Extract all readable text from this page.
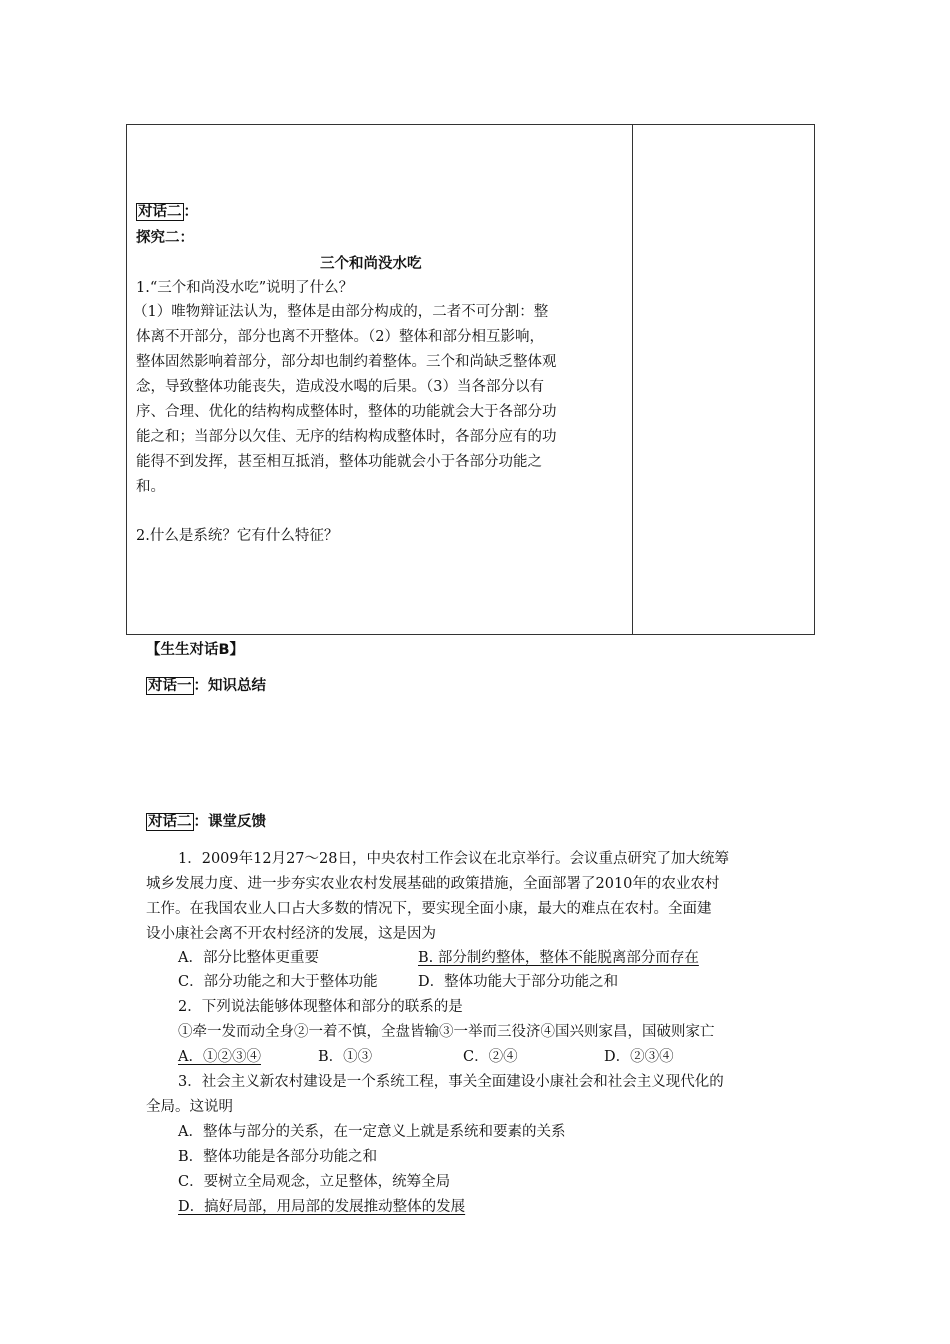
对话二 ：
探究二：
三个和尚没水吃
1.“三个和尚没水吃”说明了什么？
（1）唯物辩证法认为，整体是由部分构成的，二者不可分割：整
体离不开部分，部分也离不开整体。（2）整体和部分相互影响，
整体固然影响着部分，部分却也制约着整体。三个和尚缺乏整体观
念，导致整体功能丧失，造成没水喝的后果。（3）当各部分以有
序、合理、优化的结构构成整体时，整体的功能就会大于各部分功
能之和；当部分以欠佳、无序的结构构成整体时，各部分应有的功
能得不到发挥，甚至相互抵消，整体功能就会小于各部分功能之
和。
2.什么是系统？它有什么特征？
【生生对话B】
对话一 ：知识总结
对话二 ：课堂反馈
1．2009年12月27～28日，中央农村工作会议在北京举行。会议重点研究了加大统筹
城乡发展力度、进一步夯实农业农村发展基础的政策措施，全面部署了2010年的农业农村
工作。在我国农业人口占大多数的情况下，要实现全面小康，最大的难点在农村。全面建
设小康社会离不开农村经济的发展，这是因为
A．部分比整体更重要	B. 部分制约整体，整体不能脱离部分而存在
C．部分功能之和大于整体功能	D．整体功能大于部分功能之和
2．下列说法能够体现整体和部分的联系的是
①牵一发而动全身②一着不慎，全盘皆输③一举而三役济④国兴则家昌，国破则家亡
A．①②③④	B．①③	C．②④	D．②③④
3．社会主义新农村建设是一个系统工程，事关全面建设小康社会和社会主义现代化的
全局。这说明
A．整体与部分的关系，在一定意义上就是系统和要素的关系
B．整体功能是各部分功能之和
C．要树立全局观念，立足整体，统筹全局
D．搞好局部，用局部的发展推动整体的发展
